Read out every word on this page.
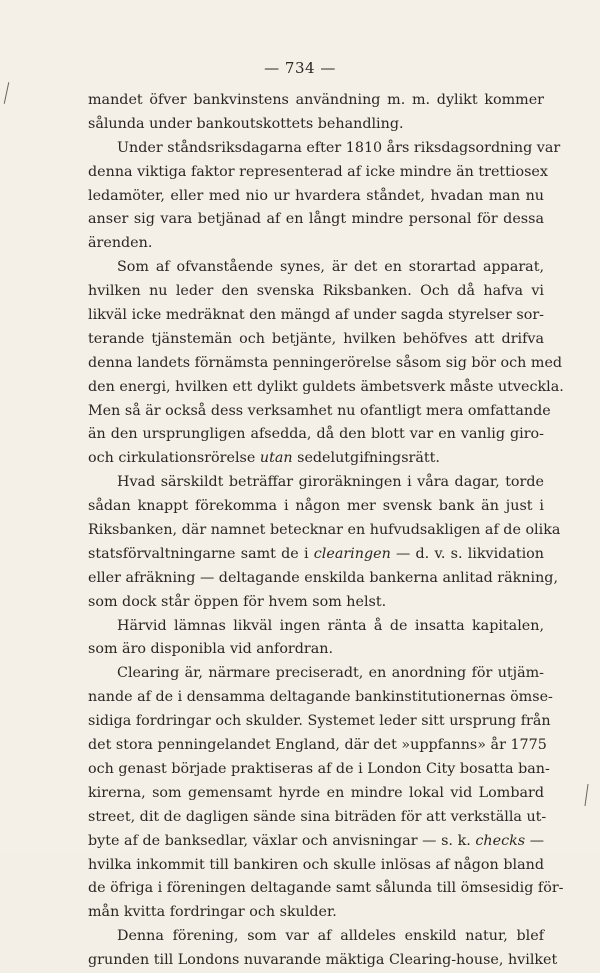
— 734 —
mandet öfver bankvinstens användning m. m. dylikt kommer
sålunda under bankoutskottets behandling.
Under ståndsriksdagarna efter 1810 års riksdagsordning var
denna viktiga faktor representerad af icke mindre än trettiosex
ledamöter, eller med nio ur hvardera ståndet, hvadan man nu
anser sig vara betjänad af en långt mindre personal för dessa
ärenden.
Som af ofvanstående synes, är det en storartad apparat,
hvilken nu leder den svenska Riksbanken. Och då hafva vi
likväl icke medräknat den mängd af under sagda styrelser sor-
terande tjänstemän och betjänte, hvilken behöfves att drifva
denna landets förnämsta penningerörelse såsom sig bör och med
den energi, hvilken ett dylikt guldets ämbetsverk måste utveckla.
Men så är också dess verksamhet nu ofantligt mera omfattande
än den ursprungligen afsedda, då den blott var en vanlig giro-
och cirkulationsrörelse utan sedelutgifningsrätt.
Hvad särskildt beträffar giroräkningen i våra dagar, torde
sådan knappt förekomma i någon mer svensk bank än just i
Riksbanken, där namnet betecknar en hufvudsakligen af de olika
statsförvaltningarne samt de i clearingen — d. v. s. likvidation
eller afräkning — deltagande enskilda bankerna anlitad räkning,
som dock står öppen för hvem som helst.
Härvid lämnas likväl ingen ränta å de insatta kapitalen,
som äro disponibla vid anfordran.
Clearing är, närmare preciseradt, en anordning för utjäm-
nande af de i densamma deltagande bankinstitutionernas ömse-
sidiga fordringar och skulder. Systemet leder sitt ursprung från
det stora penningelandet England, där det »uppfanns» år 1775
och genast började praktiseras af de i London City bosatta ban-
kirerna, som gemensamt hyrde en mindre lokal vid Lombard
street, dit de dagligen sände sina biträden för att verkställa ut-
byte af de banksedlar, växlar och anvisningar — s. k. checks —
hvilka inkommit till bankiren och skulle inlösas af någon bland
de öfriga i föreningen deltagande samt sålunda till ömsesidig för-
mån kvitta fordringar och skulder.
Denna förening, som var af alldeles enskild natur, blef
grunden till Londons nuvarande mäktiga Clearing-house, hvilket
